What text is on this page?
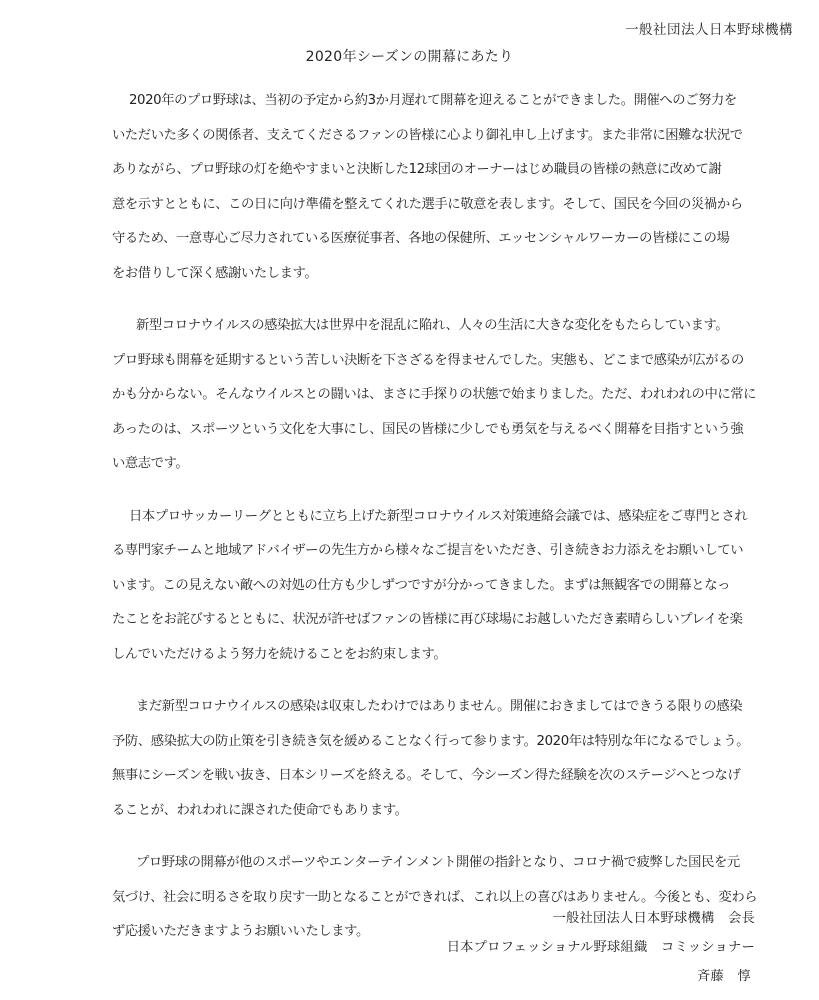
一般社団法人日本野球機構
2020年シーズンの開幕にあたり
2020年のプロ野球は、当初の予定から約3か月遅れて開幕を迎えることができました。開催へのご努力を
いただいた多くの関係者、支えてくださるファンの皆様に心より御礼申し上げます。また非常に困難な状況で
ありながら、プロ野球の灯を絶やすまいと決断した12球団のオーナーはじめ職員の皆様の熱意に改めて謝
意を示すとともに、この日に向け準備を整えてくれた選手に敬意を表します。そして、国民を今回の災禍から
守るため、一意専心ご尽力されている医療従事者、各地の保健所、エッセンシャルワーカーの皆様にこの場
をお借りして深く感謝いたします。
新型コロナウイルスの感染拡大は世界中を混乱に陥れ、人々の生活に大きな変化をもたらしています。
プロ野球も開幕を延期するという苦しい決断を下さざるを得ませんでした。実態も、どこまで感染が広がるの
かも分からない。そんなウイルスとの闘いは、まさに手探りの状態で始まりました。ただ、われわれの中に常に
あったのは、スポーツという文化を大事にし、国民の皆様に少しでも勇気を与えるべく開幕を目指すという強
い意志です。
日本プロサッカーリーグとともに立ち上げた新型コロナウイルス対策連絡会議では、感染症をご専門とされ
る専門家チームと地域アドバイザーの先生方から様々なご提言をいただき、引き続きお力添えをお願いしてい
います。この見えない敵への対処の仕方も少しずつですが分かってきました。まずは無観客での開幕となっ
たことをお詫びするとともに、状況が許せばファンの皆様に再び球場にお越しいただき素晴らしいプレイを楽
しんでいただけるよう努力を続けることをお約束します。
まだ新型コロナウイルスの感染は収束したわけではありません。開催におきましてはできうる限りの感染
予防、感染拡大の防止策を引き続き気を緩めることなく行って参ります。2020年は特別な年になるでしょう。
無事にシーズンを戦い抜き、日本シリーズを終える。そして、今シーズン得た経験を次のステージへとつなげ
ることが、われわれに課された使命でもあります。
プロ野球の開幕が他のスポーツやエンターテインメント開催の指針となり、コロナ禍で疲弊した国民を元
気づけ、社会に明るさを取り戻す一助となることができれば、これ以上の喜びはありません。今後とも、変わら
ず応援いただきますようお願いいたします。
一般社団法人日本野球機構　会長
日本プロフェッショナル野球組織　コミッショナー
斉藤　惇
